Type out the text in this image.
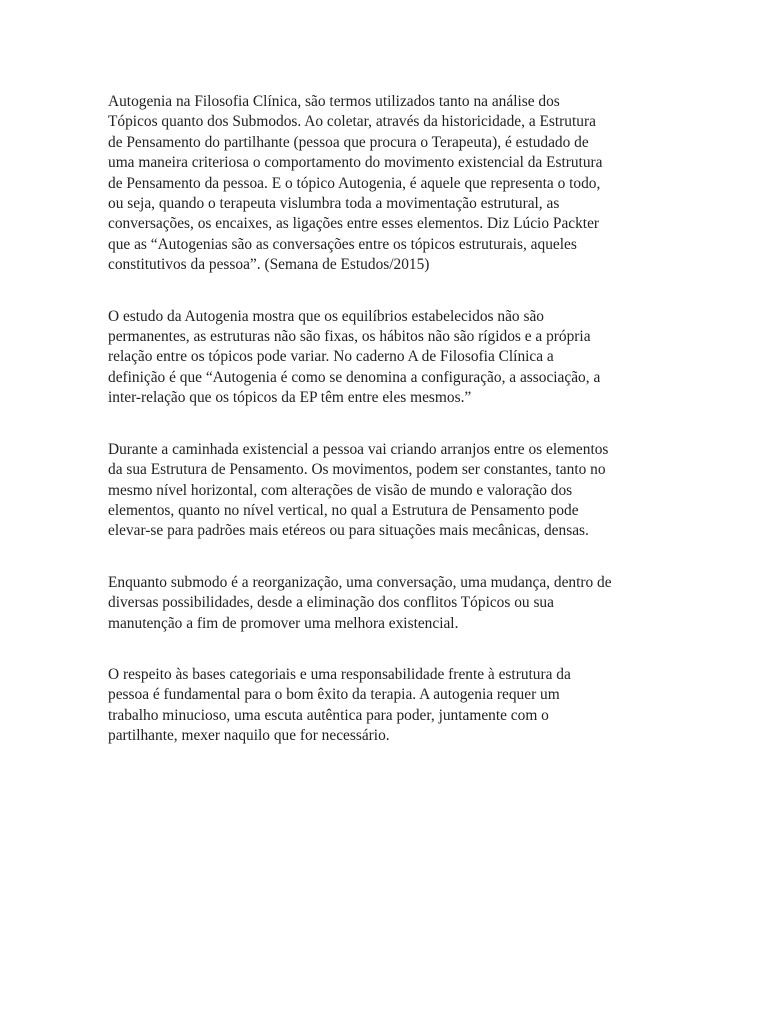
Autogenia na Filosofia Clínica, são termos utilizados tanto na análise dos
Tópicos quanto dos Submodos. Ao coletar, através da historicidade, a Estrutura
de Pensamento do partilhante (pessoa que procura o Terapeuta), é estudado de
uma maneira criteriosa o comportamento do movimento existencial da Estrutura
de Pensamento da pessoa. E o tópico Autogenia, é aquele que representa o todo,
ou seja, quando o terapeuta vislumbra toda a movimentação estrutural, as
conversações, os encaixes, as ligações entre esses elementos. Diz Lúcio Packter
que as “Autogenias são as conversações entre os tópicos estruturais, aqueles
constitutivos da pessoa”. (Semana de Estudos/2015)

O estudo da Autogenia mostra que os equilíbrios estabelecidos não são
permanentes, as estruturas não são fixas, os hábitos não são rígidos e a própria
relação entre os tópicos pode variar. No caderno A de Filosofia Clínica a
definição é que “Autogenia é como se denomina a configuração, a associação, a
inter-relação que os tópicos da EP têm entre eles mesmos.”

Durante a caminhada existencial a pessoa vai criando arranjos entre os elementos
da sua Estrutura de Pensamento. Os movimentos, podem ser constantes, tanto no
mesmo nível horizontal, com alterações de visão de mundo e valoração dos
elementos, quanto no nível vertical, no qual a Estrutura de Pensamento pode
elevar-se para padrões mais etéreos ou para situações mais mecânicas, densas.

Enquanto submodo é a reorganização, uma conversação, uma mudança, dentro de
diversas possibilidades, desde a eliminação dos conflitos Tópicos ou sua
manutenção a fim de promover uma melhora existencial.

O respeito às bases categoriais e uma responsabilidade frente à estrutura da
pessoa é fundamental para o bom êxito da terapia. A autogenia requer um
trabalho minucioso, uma escuta autêntica para poder, juntamente com o
partilhante, mexer naquilo que for necessário.
